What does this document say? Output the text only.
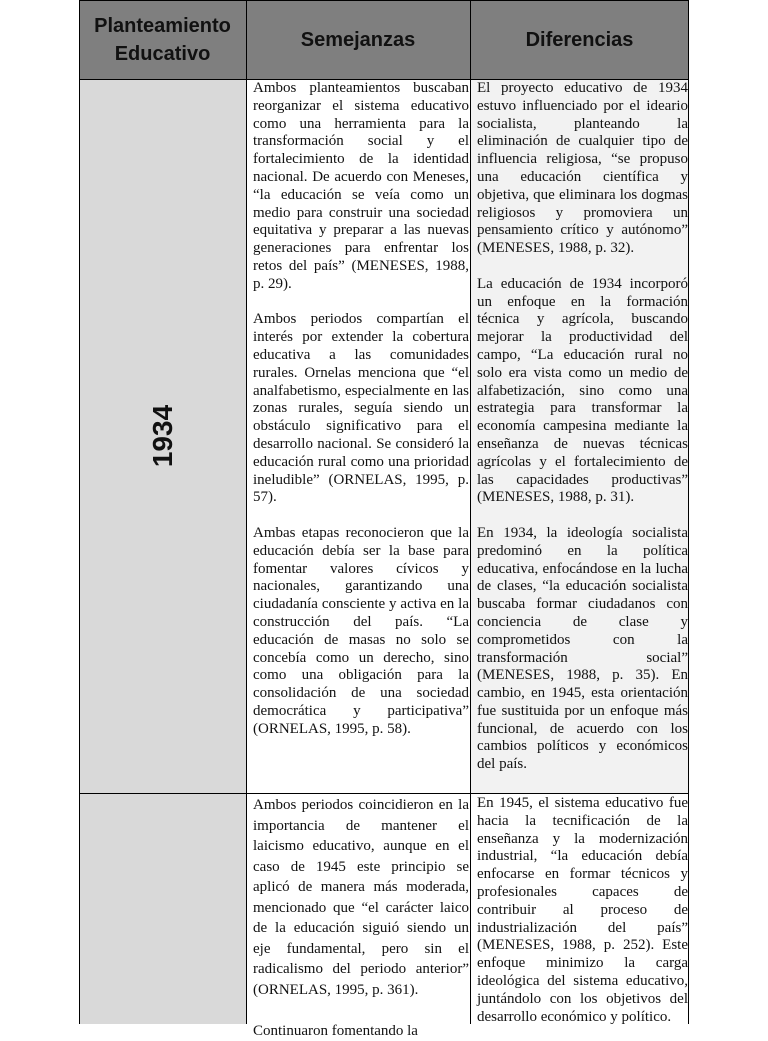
Planteamiento
Educativo
Semejanzas	Diferencias
1934

Ambos planteamientos buscaban reorganizar el sistema educativo como una herramienta para la transformación social y el fortalecimiento de la identidad nacional. De acuerdo con Meneses, “la educación se veía como un medio para construir una sociedad equitativa y preparar a las nuevas generaciones para enfrentar los retos del país” (MENESES, 1988, p. 29).

Ambos periodos compartían el interés por extender la cobertura educativa a las comunidades rurales. Ornelas menciona que “el analfabetismo, especialmente en las zonas rurales, seguía siendo un obstáculo significativo para el desarrollo nacional. Se consideró la educación rural como una prioridad ineludible” (ORNELAS, 1995, p. 57).

Ambas etapas reconocieron que la educación debía ser la base para fomentar valores cívicos y nacionales, garantizando una ciudadanía consciente y activa en la construcción del país. “La educación de masas no solo se concebía como un derecho, sino como una obligación para la consolidación de una sociedad democrática y participativa” (ORNELAS, 1995, p. 58).

El proyecto educativo de 1934 estuvo influenciado por el ideario socialista, planteando la eliminación de cualquier tipo de influencia religiosa, “se propuso una educación científica y objetiva, que eliminara los dogmas religiosos y promoviera un pensamiento crítico y autónomo” (MENESES, 1988, p. 32).

La educación de 1934 incorporó un enfoque en la formación técnica y agrícola, buscando mejorar la productividad del campo, “La educación rural no solo era vista como un medio de alfabetización, sino como una estrategia para transformar la economía campesina mediante la enseñanza de nuevas técnicas agrícolas y el fortalecimiento de las capacidades productivas” (MENESES, 1988, p. 31).

En 1934, la ideología socialista predominó en la política educativa, enfocándose en la lucha de clases, “la educación socialista buscaba formar ciudadanos con conciencia de clase y comprometidos con la transformación social” (MENESES, 1988, p. 35). En cambio, en 1945, esta orientación fue sustituida por un enfoque más funcional, de acuerdo con los cambios políticos y económicos del país.

Ambos periodos coincidieron en la importancia de mantener el laicismo educativo, aunque en el caso de 1945 este principio se aplicó de manera más moderada, mencionado que “el carácter laico de la educación siguió siendo un eje fundamental, pero sin el radicalismo del periodo anterior” (ORNELAS, 1995, p. 361).

Continuaron fomentando la

En 1945, el sistema educativo fue hacia la tecnificación de la enseñanza y la modernización industrial, “la educación debía enfocarse en formar técnicos y profesionales capaces de contribuir al proceso de industrialización del país” (MENESES, 1988, p. 252). Este enfoque minimizo la carga ideológica del sistema educativo, juntándolo con los objetivos del desarrollo económico y político.
